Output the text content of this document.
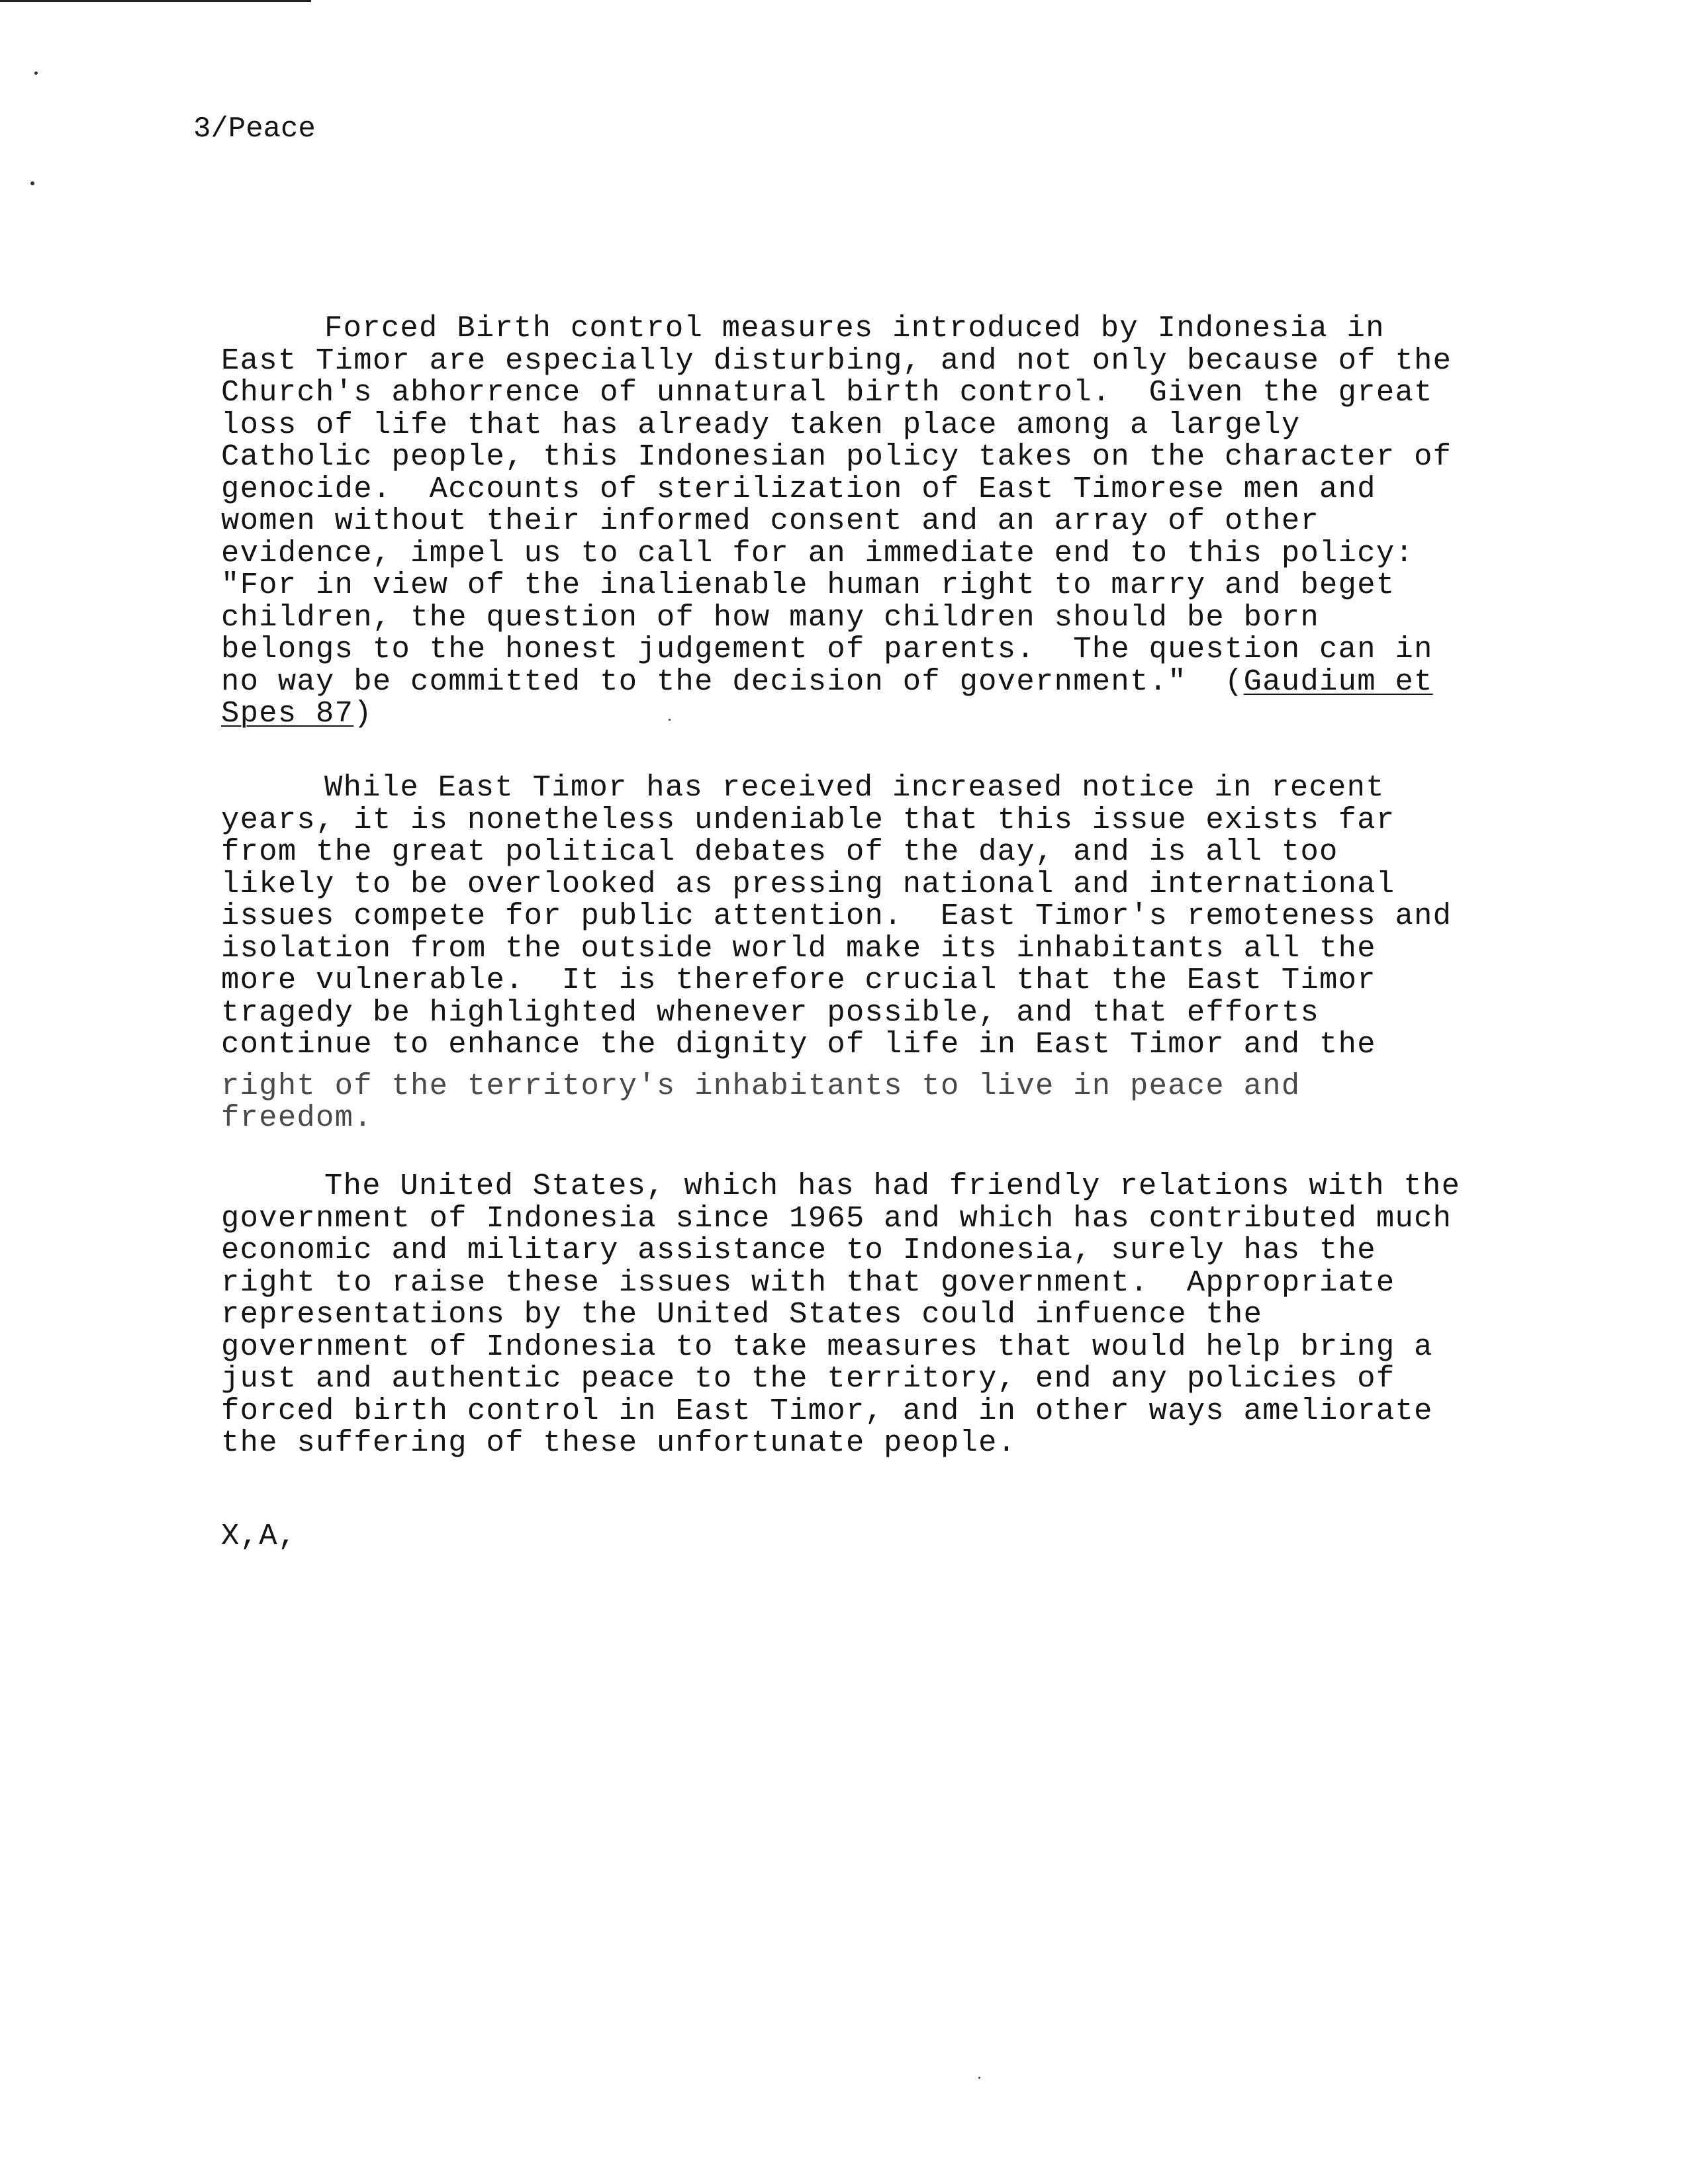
3/Peace

Forced Birth control measures introduced by Indonesia in
East Timor are especially disturbing, and not only because of the
Church's abhorrence of unnatural birth control.  Given the great
loss of life that has already taken place among a largely
Catholic people, this Indonesian policy takes on the character of
genocide.  Accounts of sterilization of East Timorese men and
women without their informed consent and an array of other
evidence, impel us to call for an immediate end to this policy:
"For in view of the inalienable human right to marry and beget
children, the question of how many children should be born
belongs to the honest judgement of parents.  The question can in
no way be committed to the decision of government."  (Gaudium et
Spes 87)
While East Timor has received increased notice in recent
years, it is nonetheless undeniable that this issue exists far
from the great political debates of the day, and is all too
likely to be overlooked as pressing national and international
issues compete for public attention.  East Timor's remoteness and
isolation from the outside world make its inhabitants all the
more vulnerable.  It is therefore crucial that the East Timor
tragedy be highlighted whenever possible, and that efforts
continue to enhance the dignity of life in East Timor and the
right of the territory's inhabitants to live in peace and
freedom.
The United States, which has had friendly relations with the
government of Indonesia since 1965 and which has contributed much
economic and military assistance to Indonesia, surely has the
right to raise these issues with that government.  Appropriate
representations by the United States could infuence the
government of Indonesia to take measures that would help bring a
just and authentic peace to the territory, end any policies of
forced birth control in East Timor, and in other ways ameliorate
the suffering of these unfortunate people.

X,A,
